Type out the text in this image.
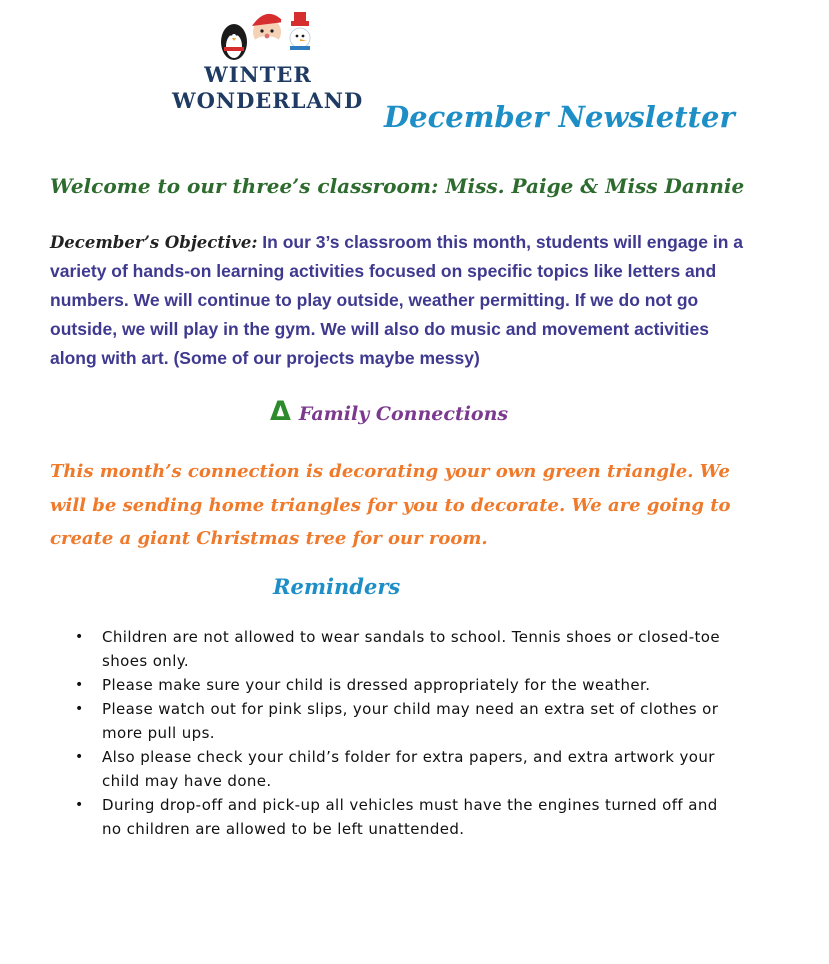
WINTER
WONDERLAND December Newsletter
Welcome to our three’s classroom: Miss. Paige & Miss Dannie
December’s Objective: In our 3’s classroom this month, students will engage in a variety of hands-on learning activities focused on specific topics like letters and numbers. We will continue to play outside, weather permitting. If we do not go outside, we will play in the gym. We will also do music and movement activities along with art. (Some of our projects maybe messy)
Δ Family Connections
This month’s connection is decorating your own green triangle. We will be sending home triangles for you to decorate. We are going to create a giant Christmas tree for our room.
Reminders
• Children are not allowed to wear sandals to school. Tennis shoes or closed-toe shoes only.
• Please make sure your child is dressed appropriately for the weather.
• Please watch out for pink slips, your child may need an extra set of clothes or more pull ups.
• Also please check your child’s folder for extra papers, and extra artwork your child may have done.
• During drop-off and pick-up all vehicles must have the engines turned off and no children are allowed to be left unattended.
